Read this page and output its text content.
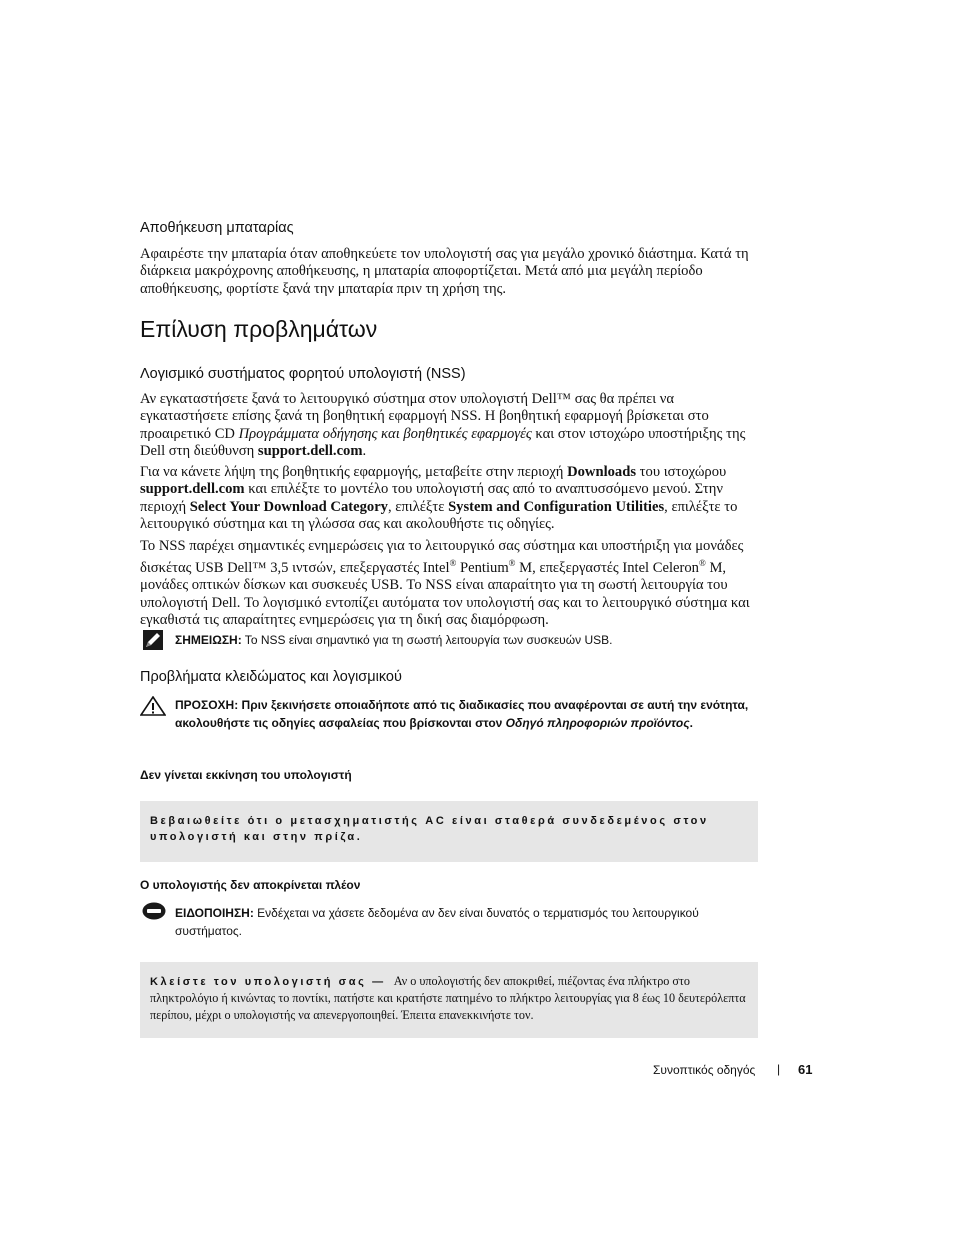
Αποθήκευση μπαταρίας

Αφαιρέστε την μπαταρία όταν αποθηκεύετε τον υπολογιστή σας για μεγάλο χρονικό διάστημα. Κατά τη διάρκεια μακρόχρονης αποθήκευσης, η μπαταρία αποφορτίζεται. Μετά από μια μεγάλη περίοδο αποθήκευσης, φορτίστε ξανά την μπαταρία πριν τη χρήση της.

Επίλυση προβλημάτων
Λογισμικό συστήματος φορητού υπολογιστή (NSS)

Αν εγκαταστήσετε ξανά το λειτουργικό σύστημα στον υπολογιστή Dell™ σας θα πρέπει να εγκαταστήσετε επίσης ξανά τη βοηθητική εφαρμογή NSS. Η βοηθητική εφαρμογή βρίσκεται στο προαιρετικό CD Προγράμματα οδήγησης και βοηθητικές εφαρμογές και στον ιστοχώρο υποστήριξης της Dell στη διεύθυνση support.dell.com.

Για να κάνετε λήψη της βοηθητικής εφαρμογής, μεταβείτε στην περιοχή Downloads του ιστοχώρου support.dell.com και επιλέξτε το μοντέλο του υπολογιστή σας από το αναπτυσσόμενο μενού. Στην περιοχή Select Your Download Category, επιλέξτε System and Configuration Utilities, επιλέξτε το λειτουργικό σύστημα και τη γλώσσα σας και ακολουθήστε τις οδηγίες.

Το NSS παρέχει σημαντικές ενημερώσεις για το λειτουργικό σας σύστημα και υποστήριξη για μονάδες δισκέτας USB Dell™ 3,5 ιντσών, επεξεργαστές Intel® Pentium® M, επεξεργαστές Intel Celeron® M, μονάδες οπτικών δίσκων και συσκευές USB. Το NSS είναι απαραίτητο για τη σωστή λειτουργία του υπολογιστή Dell. Το λογισμικό εντοπίζει αυτόματα τον υπολογιστή σας και το λειτουργικό σύστημα και εγκαθιστά τις απαραίτητες ενημερώσεις για τη δική σας διαμόρφωση.

ΣΗΜΕΙΩΣΗ: Το NSS είναι σημαντικό για τη σωστή λειτουργία των συσκευών USB.
Προβλήματα κλειδώματος και λογισμικού
ΠΡΟΣΟΧΗ: Πριν ξεκινήσετε οποιαδήποτε από τις διαδικασίες που αναφέρονται σε αυτή την ενότητα, ακολουθήστε τις οδηγίες ασφαλείας που βρίσκονται στον Οδηγό πληροφοριών προϊόντος.
Δεν γίνεται εκκίνηση του υπολογιστή
Βεβαιωθείτε ότι ο μετασχηματιστής AC είναι σταθερά συνδεδεμένος στον
υπολογιστή και στην πρίζα.
Ο υπολογιστής δεν αποκρίνεται πλέον
ΕΙΔΟΠΟΙΗΣΗ: Ενδέχεται να χάσετε δεδομένα αν δεν είναι δυνατός ο τερματισμός του λειτουργικού συστήματος.
Κλείστε τον υπολογιστή σας — Αν ο υπολογιστής δεν αποκριθεί, πιέζοντας ένα πλήκτρο στο πληκτρολόγιο ή κινώντας το ποντίκι, πατήστε και κρατήστε πατημένο το πλήκτρο λειτουργίας για 8 έως 10 δευτερόλεπτα περίπου, μέχρι ο υπολογιστής να απενεργοποιηθεί. Έπειτα επανεκκινήστε τον.
Συνοπτικός οδηγός | 61
